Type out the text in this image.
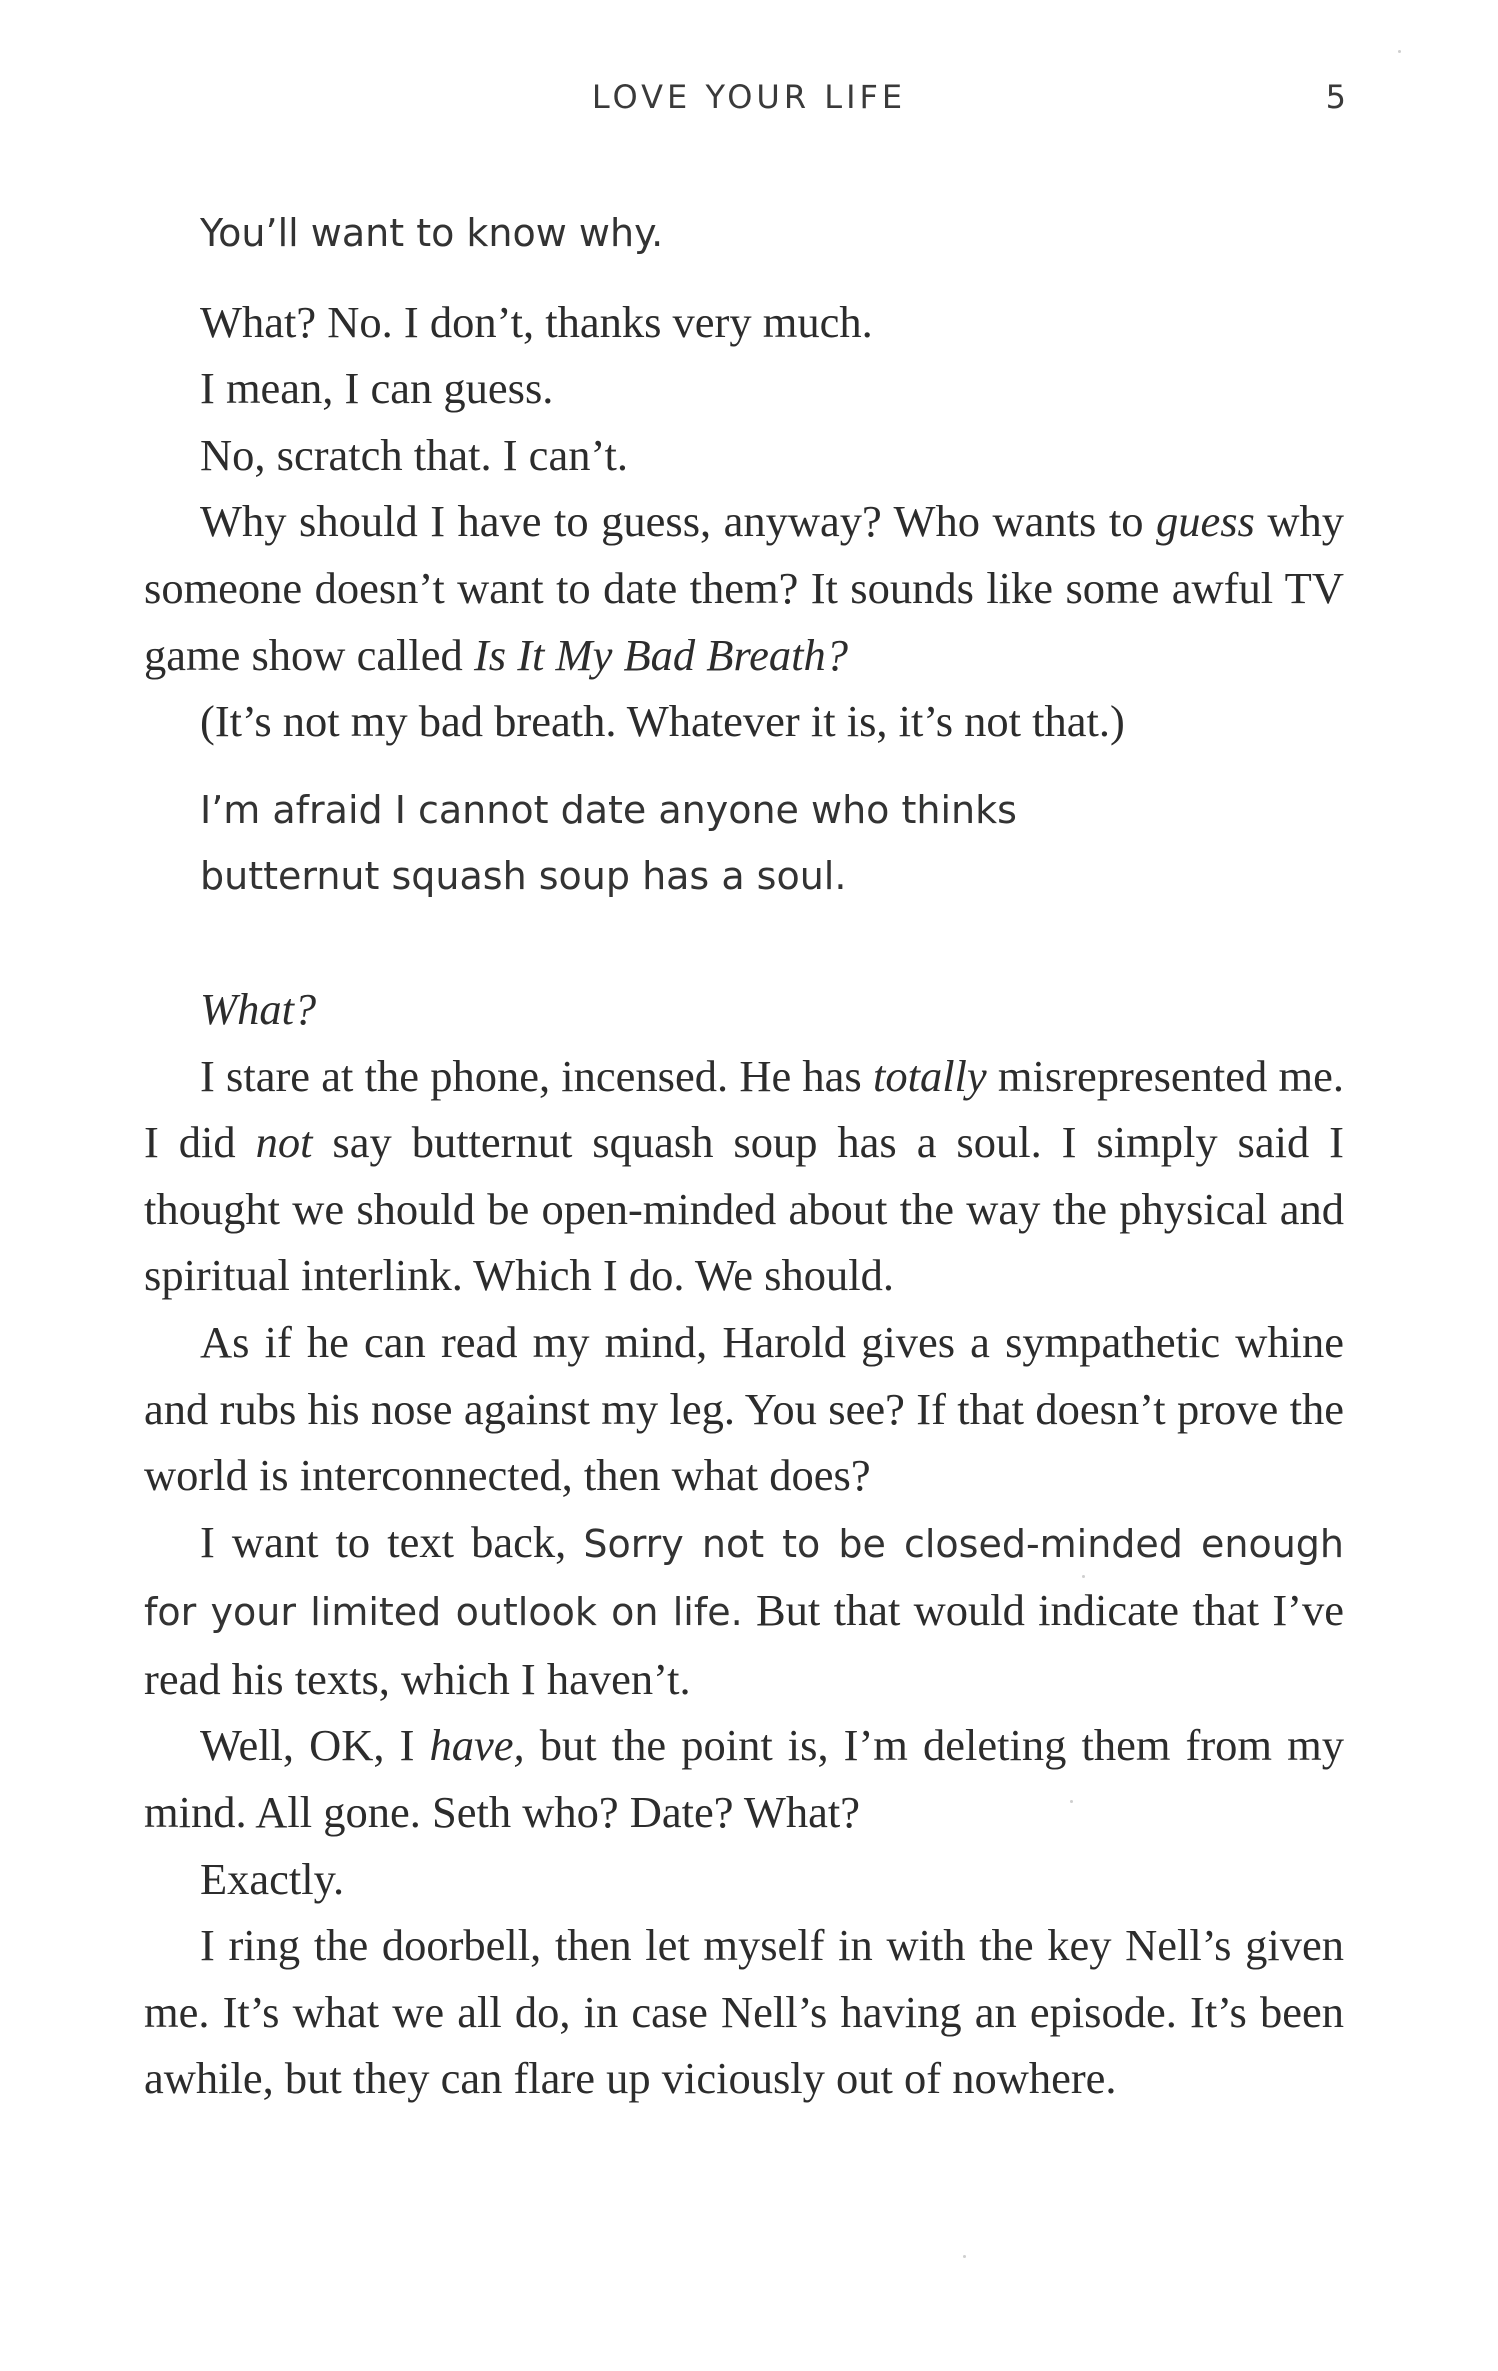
LOVE YOUR LIFE	5

You’ll want to know why.

What? No. I don’t, thanks very much.

I mean, I can guess.

No, scratch that. I can’t.

Why should I have to guess, anyway? Who wants to guess why someone doesn’t want to date them? It sounds like some awful TV game show called Is It My Bad Breath?

(It’s not my bad breath. Whatever it is, it’s not that.)

I’m afraid I cannot date anyone who thinks butternut squash soup has a soul.

What?

I stare at the phone, incensed. He has totally misrepresented me. I did not say butternut squash soup has a soul. I simply said I thought we should be open-minded about the way the physical and spiritual interlink. Which I do. We should.

As if he can read my mind, Harold gives a sympathetic whine and rubs his nose against my leg. You see? If that doesn’t prove the world is interconnected, then what does?

I want to text back, Sorry not to be closed-minded enough for your limited outlook on life. But that would indicate that I’ve read his texts, which I haven’t.

Well, OK, I have, but the point is, I’m deleting them from my mind. All gone. Seth who? Date? What?

Exactly.

I ring the doorbell, then let myself in with the key Nell’s given me. It’s what we all do, in case Nell’s having an episode. It’s been awhile, but they can flare up viciously out of nowhere.
